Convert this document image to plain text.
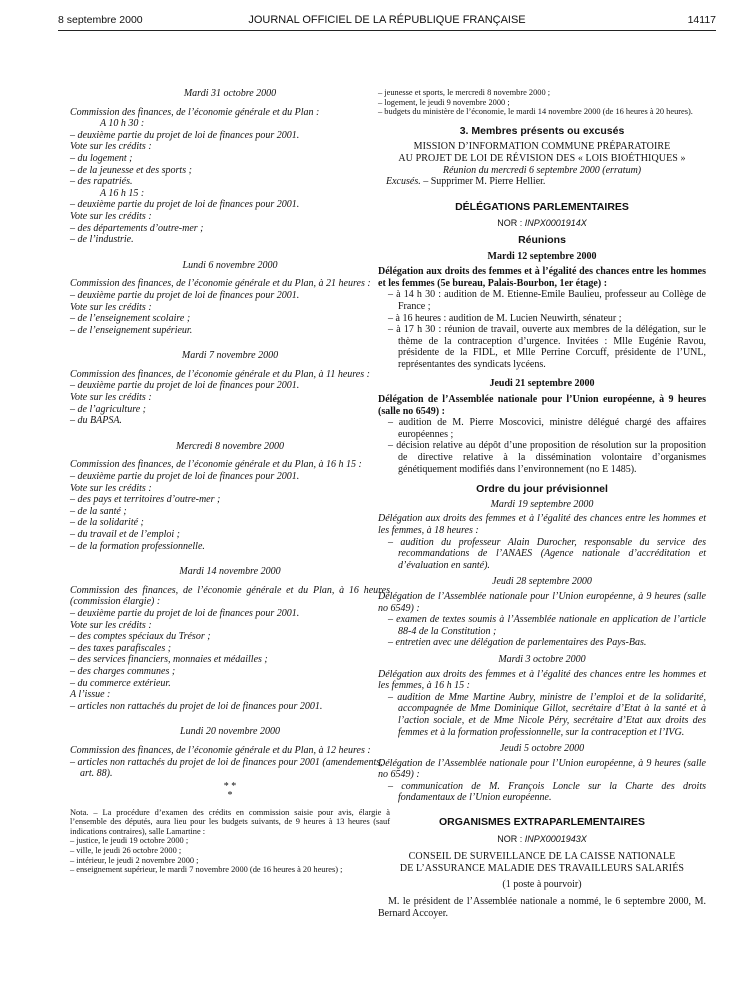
8 septembre 2000	JOURNAL OFFICIEL DE LA RÉPUBLIQUE FRANÇAISE	14117

Mardi 31 octobre 2000

Commission des finances, de l’économie générale et du Plan :

A 10 h 30 :

– deuxième partie du projet de loi de finances pour 2001.

Vote sur les crédits :

– du logement ;

– de la jeunesse et des sports ;

– des rapatriés.

A 16 h 15 :

– deuxième partie du projet de loi de finances pour 2001.

Vote sur les crédits :

– des départements d’outre-mer ;

– de l’industrie.

Lundi 6 novembre 2000

Commission des finances, de l’économie générale et du Plan, à 21 heures :

– deuxième partie du projet de loi de finances pour 2001.

Vote sur les crédits :

– de l’enseignement scolaire ;

– de l’enseignement supérieur.

Mardi 7 novembre 2000

Commission des finances, de l’économie générale et du Plan, à 11 heures :

– deuxième partie du projet de loi de finances pour 2001.

Vote sur les crédits :

– de l’agriculture ;

– du BAPSA.

Mercredi 8 novembre 2000

Commission des finances, de l’économie générale et du Plan, à 16 h 15 :

– deuxième partie du projet de loi de finances pour 2001.

Vote sur les crédits :

– des pays et territoires d’outre-mer ;

– de la santé ;

– de la solidarité ;

– du travail et de l’emploi ;

– de la formation professionnelle.

Mardi 14 novembre 2000

Commission des finances, de l’économie générale et du Plan, à 16 heures (commission élargie) :

– deuxième partie du projet de loi de finances pour 2001.

Vote sur les crédits :

– des comptes spéciaux du Trésor ;

– des taxes parafiscales ;

– des services financiers, monnaies et médailles ;

– des charges communes ;

– du commerce extérieur.

A l’issue :

– articles non rattachés du projet de loi de finances pour 2001.

Lundi 20 novembre 2000

Commission des finances, de l’économie générale et du Plan, à 12 heures :

– articles non rattachés du projet de loi de finances pour 2001 (amendements, art. 88).

* *
*

Nota. – La procédure d’examen des crédits en commission saisie pour avis, élargie à l’ensemble des députés, aura lieu pour les budgets suivants, de 9 heures à 13 heures (sauf indications contraires), salle Lamartine :

– justice, le jeudi 19 octobre 2000 ;

– ville, le jeudi 26 octobre 2000 ;

– intérieur, le jeudi 2 novembre 2000 ;

– enseignement supérieur, le mardi 7 novembre 2000 (de 16 heures à 20 heures) ;

– jeunesse et sports, le mercredi 8 novembre 2000 ;

– logement, le jeudi 9 novembre 2000 ;

– budgets du ministère de l’économie, le mardi 14 novembre 2000 (de 16 heures à 20 heures).

3. Membres présents ou excusés

MISSION D’INFORMATION COMMUNE PRÉPARATOIRE

AU PROJET DE LOI DE RÉVISION DES « LOIS BIOÉTHIQUES »

Réunion du mercredi 6 septembre 2000 (erratum)

Excusés. – Supprimer M. Pierre Hellier.

DÉLÉGATIONS PARLEMENTAIRES

NOR : INPX0001914X

Réunions

Mardi 12 septembre 2000

Délégation aux droits des femmes et à l’égalité des chances entre les hommes et les femmes (5e bureau, Palais-Bourbon, 1er étage) :

– à 14 h 30 : audition de M. Etienne-Emile Baulieu, professeur au Collège de France ;

– à 16 heures : audition de M. Lucien Neuwirth, sénateur ;

– à 17 h 30 : réunion de travail, ouverte aux membres de la délégation, sur le thème de la contraception d’urgence. Invitées : Mlle Eugénie Ravou, présidente de la FIDL, et Mlle Perrine Corcuff, présidente de l’UNL, représentantes des syndicats lycéens.

Jeudi 21 septembre 2000

Délégation de l’Assemblée nationale pour l’Union européenne, à 9 heures (salle no 6549) :

– audition de M. Pierre Moscovici, ministre délégué chargé des affaires européennes ;

– décision relative au dépôt d’une proposition de résolution sur la proposition de directive relative à la dissémination volontaire d’organismes génétiquement modifiés dans l’environnement (no E 1485).

Ordre du jour prévisionnel

Mardi 19 septembre 2000

Délégation aux droits des femmes et à l’égalité des chances entre les hommes et les femmes, à 18 heures :

– audition du professeur Alain Durocher, responsable du service des recommandations de l’ANAES (Agence nationale d’accréditation et d’évaluation en santé).

Jeudi 28 septembre 2000

Délégation de l’Assemblée nationale pour l’Union européenne, à 9 heures (salle no 6549) :

– examen de textes soumis à l’Assemblée nationale en application de l’article 88-4 de la Constitution ;

– entretien avec une délégation de parlementaires des Pays-Bas.

Mardi 3 octobre 2000

Délégation aux droits des femmes et à l’égalité des chances entre les hommes et les femmes, à 16 h 15 :

– audition de Mme Martine Aubry, ministre de l’emploi et de la solidarité, accompagnée de Mme Dominique Gillot, secrétaire d’Etat à la santé et à l’action sociale, et de Mme Nicole Péry, secrétaire d’Etat aux droits des femmes et à la formation professionnelle, sur la contraception et l’IVG.

Jeudi 5 octobre 2000

Délégation de l’Assemblée nationale pour l’Union européenne, à 9 heures (salle no 6549) :

– communication de M. François Loncle sur la Charte des droits fondamentaux de l’Union européenne.

ORGANISMES EXTRAPARLEMENTAIRES

NOR : INPX0001943X

CONSEIL DE SURVEILLANCE DE LA CAISSE NATIONALE

DE L’ASSURANCE MALADIE DES TRAVAILLEURS SALARIÉS

(1 poste à pourvoir)

M. le président de l’Assemblée nationale a nommé, le 6 septembre 2000, M. Bernard Accoyer.
